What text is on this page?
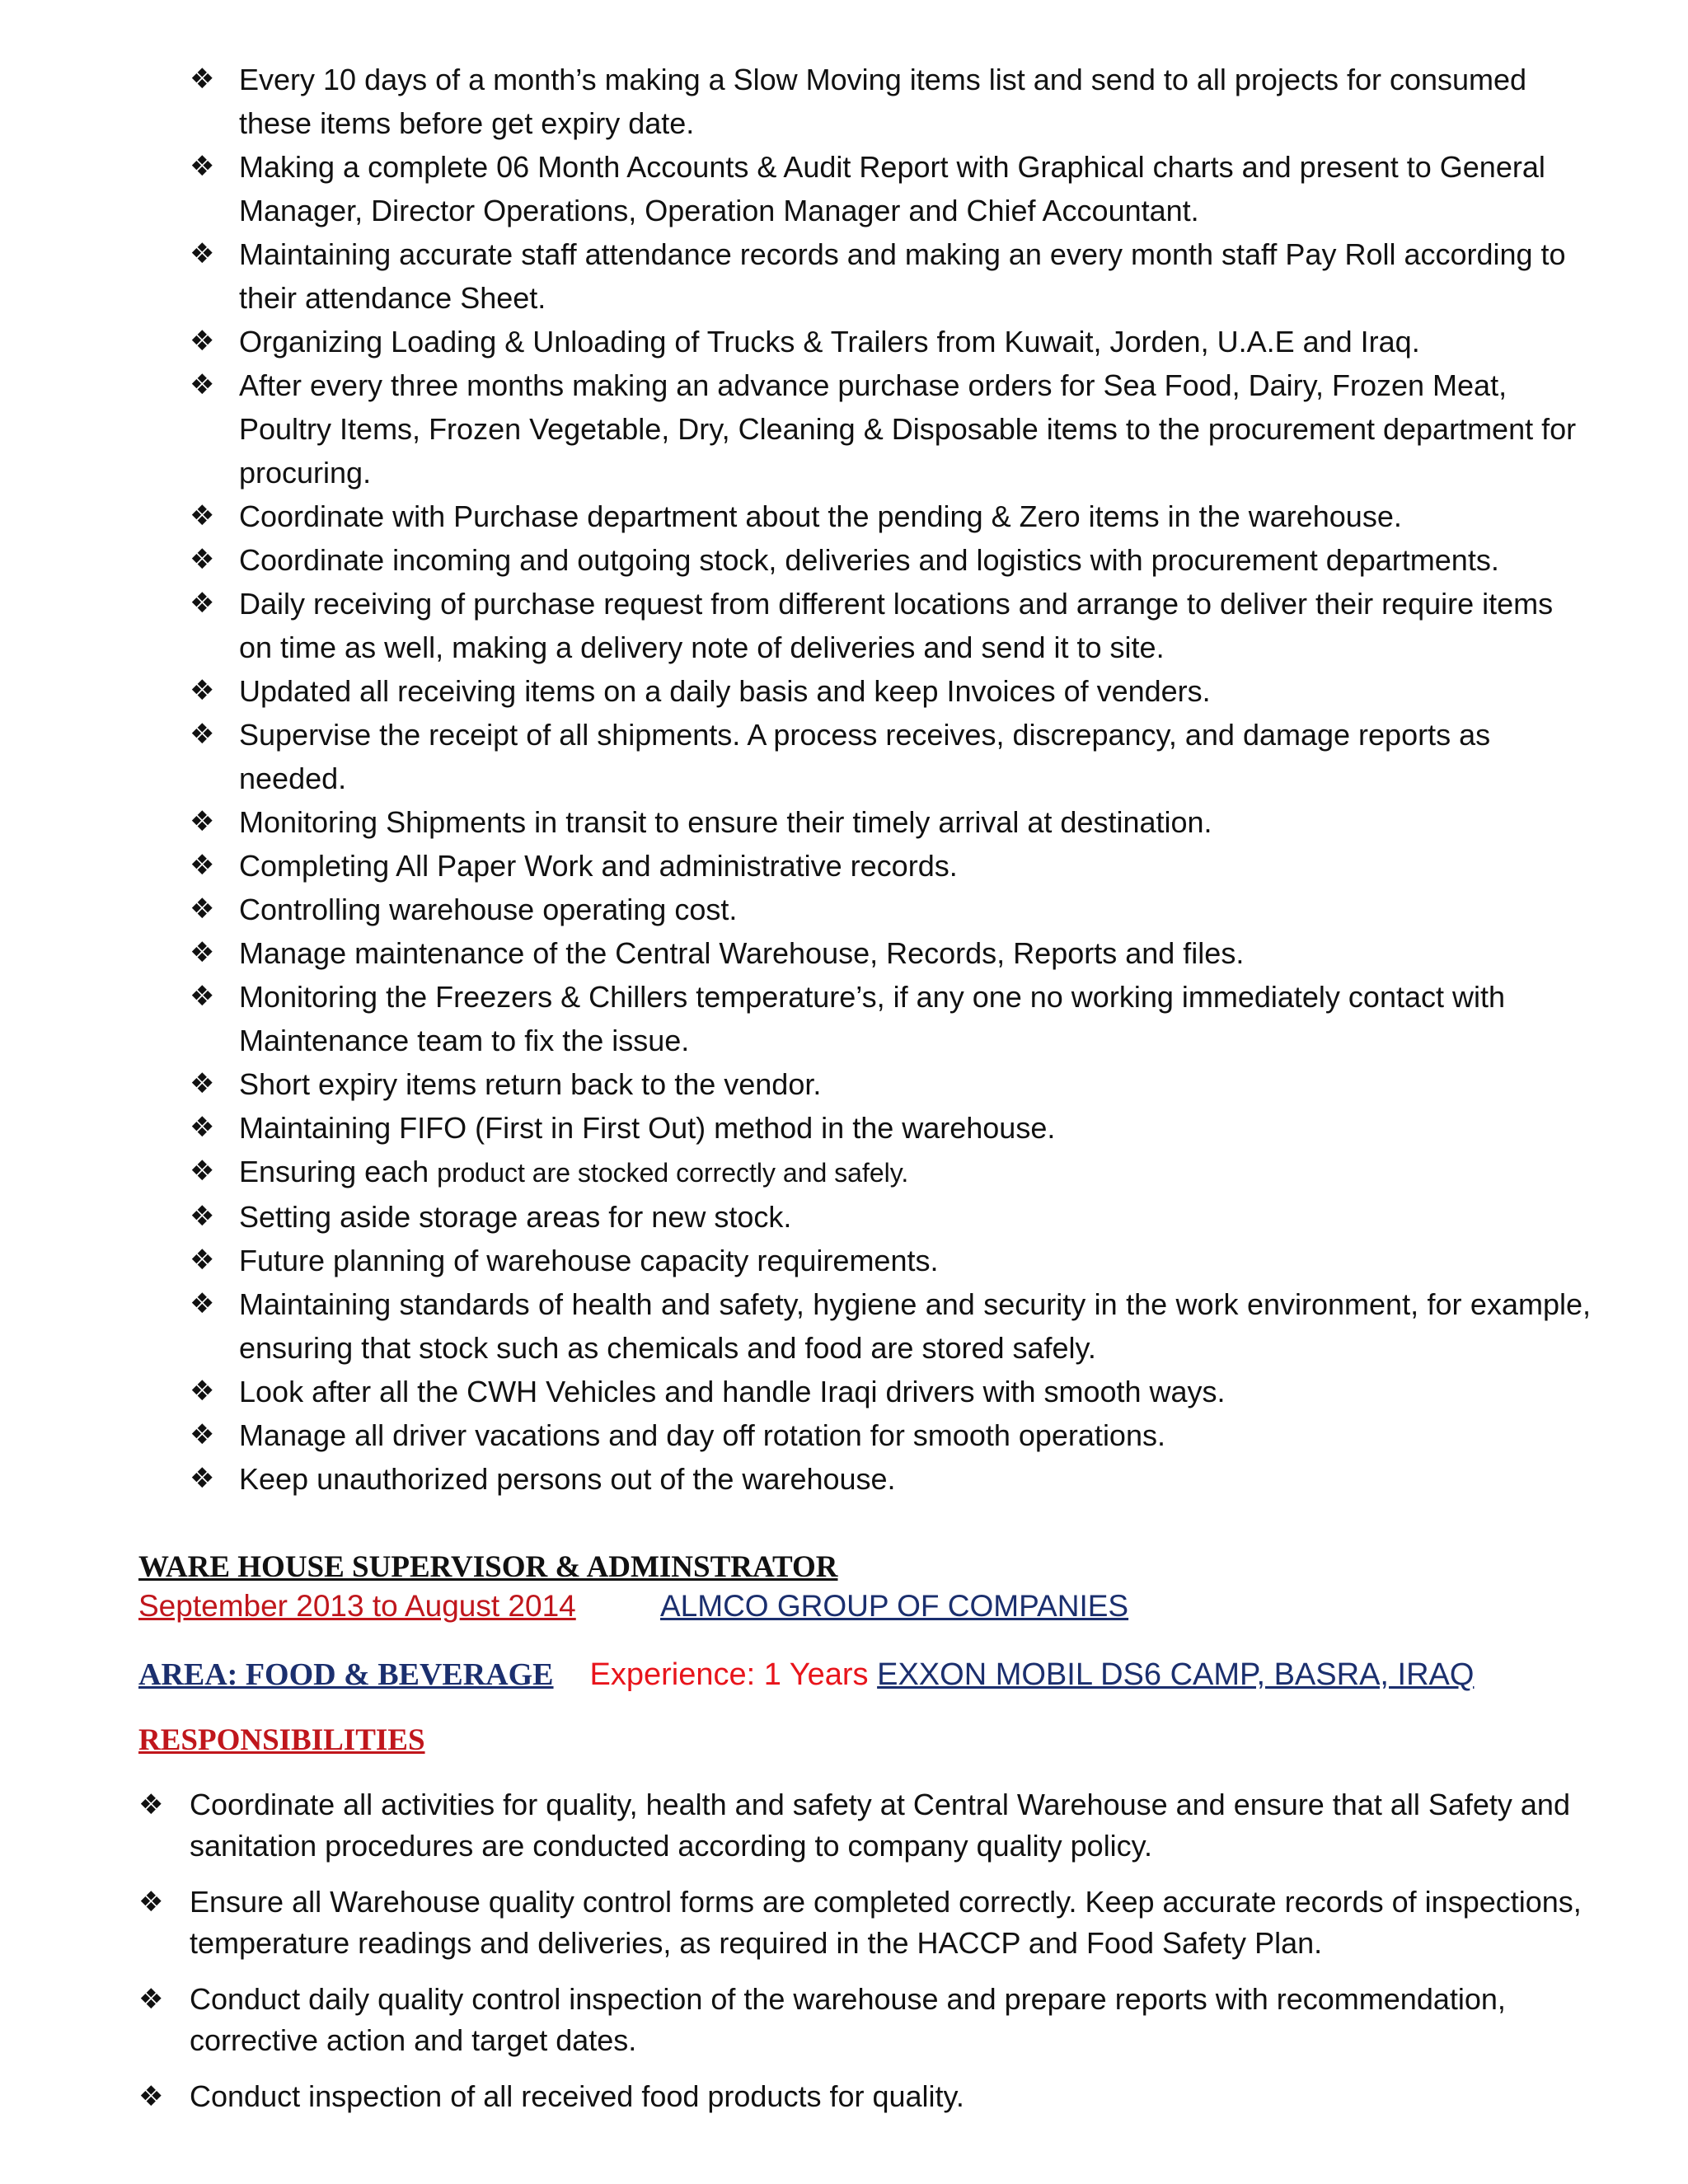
❖ Every 10 days of a month’s making a Slow Moving items list and send to all projects for consumed these items before get expiry date.
❖ Making a complete 06 Month Accounts & Audit Report with Graphical charts and present to General Manager, Director Operations, Operation Manager and Chief Accountant.
❖ Maintaining accurate staff attendance records and making an every month staff Pay Roll according to their attendance Sheet.
❖ Organizing Loading & Unloading of Trucks & Trailers from Kuwait, Jorden, U.A.E and Iraq.
❖ After every three months making an advance purchase orders for Sea Food, Dairy, Frozen Meat, Poultry Items, Frozen Vegetable, Dry, Cleaning & Disposable items to the procurement department for procuring.
❖ Coordinate with Purchase department about the pending & Zero items in the warehouse.
❖ Coordinate incoming and outgoing stock, deliveries and logistics with procurement departments.
❖ Daily receiving of purchase request from different locations and arrange to deliver their require items on time as well, making a delivery note of deliveries and send it to site.
❖ Updated all receiving items on a daily basis and keep Invoices of venders.
❖ Supervise the receipt of all shipments. A process receives, discrepancy, and damage reports as needed.
❖ Monitoring Shipments in transit to ensure their timely arrival at destination.
❖ Completing All Paper Work and administrative records.
❖ Controlling warehouse operating cost.
❖ Manage maintenance of the Central Warehouse, Records, Reports and files.
❖ Monitoring the Freezers & Chillers temperature’s, if any one no working immediately contact with Maintenance team to fix the issue.
❖ Short expiry items return back to the vendor.
❖ Maintaining FIFO (First in First Out) method in the warehouse.
❖ Ensuring each product are stocked correctly and safely.
❖ Setting aside storage areas for new stock.
❖ Future planning of warehouse capacity requirements.
❖ Maintaining standards of health and safety, hygiene and security in the work environment, for example, ensuring that stock such as chemicals and food are stored safely.
❖ Look after all the CWH Vehicles and handle Iraqi drivers with smooth ways.
❖ Manage all driver vacations and day off rotation for smooth operations.
❖ Keep unauthorized persons out of the warehouse.
WARE HOUSE SUPERVISOR & ADMINSTRATOR
September 2013 to August 2014	ALMCO GROUP OF COMPANIES
AREA: FOOD & BEVERAGE Experience: 1 Years EXXON MOBIL DS6 CAMP, BASRA, IRAQ
RESPONSIBILITIES
❖ Coordinate all activities for quality, health and safety at Central Warehouse and ensure that all Safety and sanitation procedures are conducted according to company quality policy.
❖ Ensure all Warehouse quality control forms are completed correctly. Keep accurate records of inspections, temperature readings and deliveries, as required in the HACCP and Food Safety Plan.
❖ Conduct daily quality control inspection of the warehouse and prepare reports with recommendation, corrective action and target dates.
❖ Conduct inspection of all received food products for quality.
